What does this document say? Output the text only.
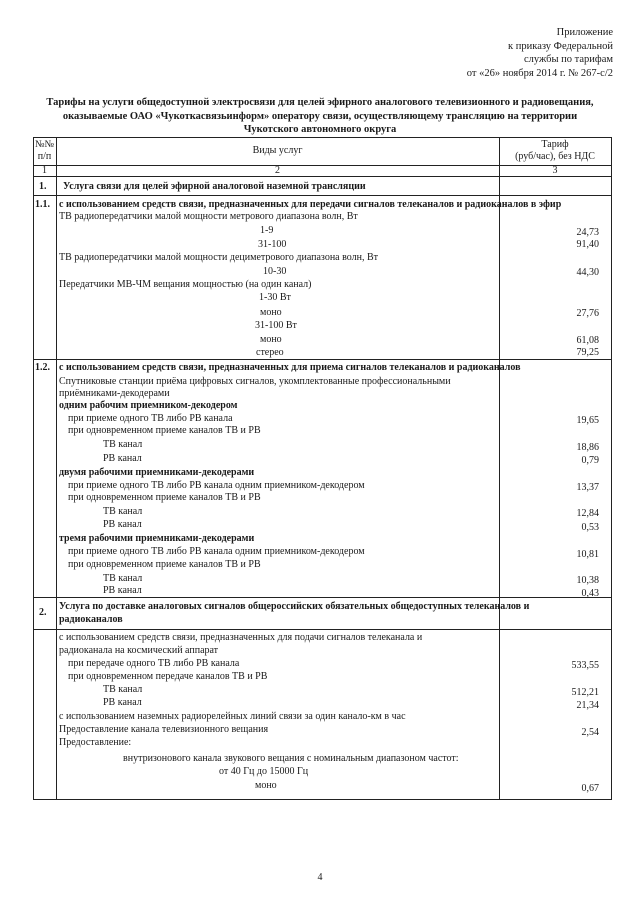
Приложение
к приказу Федеральной
службы по тарифам
от «26» ноября 2014 г. № 267-с/2
Тарифы на услуги общедоступной электросвязи для целей эфирного аналогового телевизионного и радиовещания,
оказываемые ОАО «Чукоткасвязьинформ» оператору связи, осуществляющему трансляцию на территории
Чукотского автономного округа
№№
п/п
Виды услуг
Тариф
(руб/час), без НДС
1	2	3
1. Услуга связи для целей эфирной аналоговой наземной трансляции
1.1. с использованием средств связи, предназначенных для передачи сигналов телеканалов и радиоканалов в эфир
ТВ радиопередатчики малой мощности метрового диапазона волн, Вт
1-9	24,73
31-100	91,40
ТВ радиопередатчики малой мощности дециметрового диапазона волн, Вт
10-30	44,30
Передатчики МВ-ЧМ вещания мощностью (на один канал)
1-30 Вт
моно	27,76
31-100 Вт
моно	61,08
стерео	79,25
1.2. с использованием средств связи, предназначенных для приема сигналов телеканалов и радиоканалов
Спутниковые станции приёма цифровых сигналов, укомплектованные профессиональными
приёмниками-декодерами
одним рабочим приемником-декодером
при приеме одного ТВ либо РВ канала	19,65
при одновременном приеме каналов ТВ и РВ
ТВ канал	18,86
РВ канал	0,79
двумя рабочими приемниками-декодерами
при приеме одного ТВ либо РВ канала одним приемником-декодером	13,37
при одновременном приеме каналов ТВ и РВ
ТВ канал	12,84
РВ канал	0,53
тремя рабочими приемниками-декодерами
при приеме одного ТВ либо РВ канала одним приемником-декодером	10,81
при одновременном приеме каналов ТВ и РВ
ТВ канал	10,38
РВ канал	0,43
2.
Услуга по доставке аналоговых сигналов общероссийских обязательных общедоступных телеканалов и
радиоканалов
с использованием средств связи, предназначенных для подачи сигналов телеканала и
радиоканала на космический аппарат
при передаче одного ТВ либо РВ канала	533,55
при одновременном передаче каналов ТВ и РВ
ТВ канал	512,21
РВ канал	21,34
с использованием наземных радиорелейных линий связи за один канало-км в час
Предоставление канала телевизионного вещания	2,54
Предоставление:
внутризонового канала звукового вещания с номинальным диапазоном частот:
от 40 Гц до 15000 Гц
моно	0,67
4
